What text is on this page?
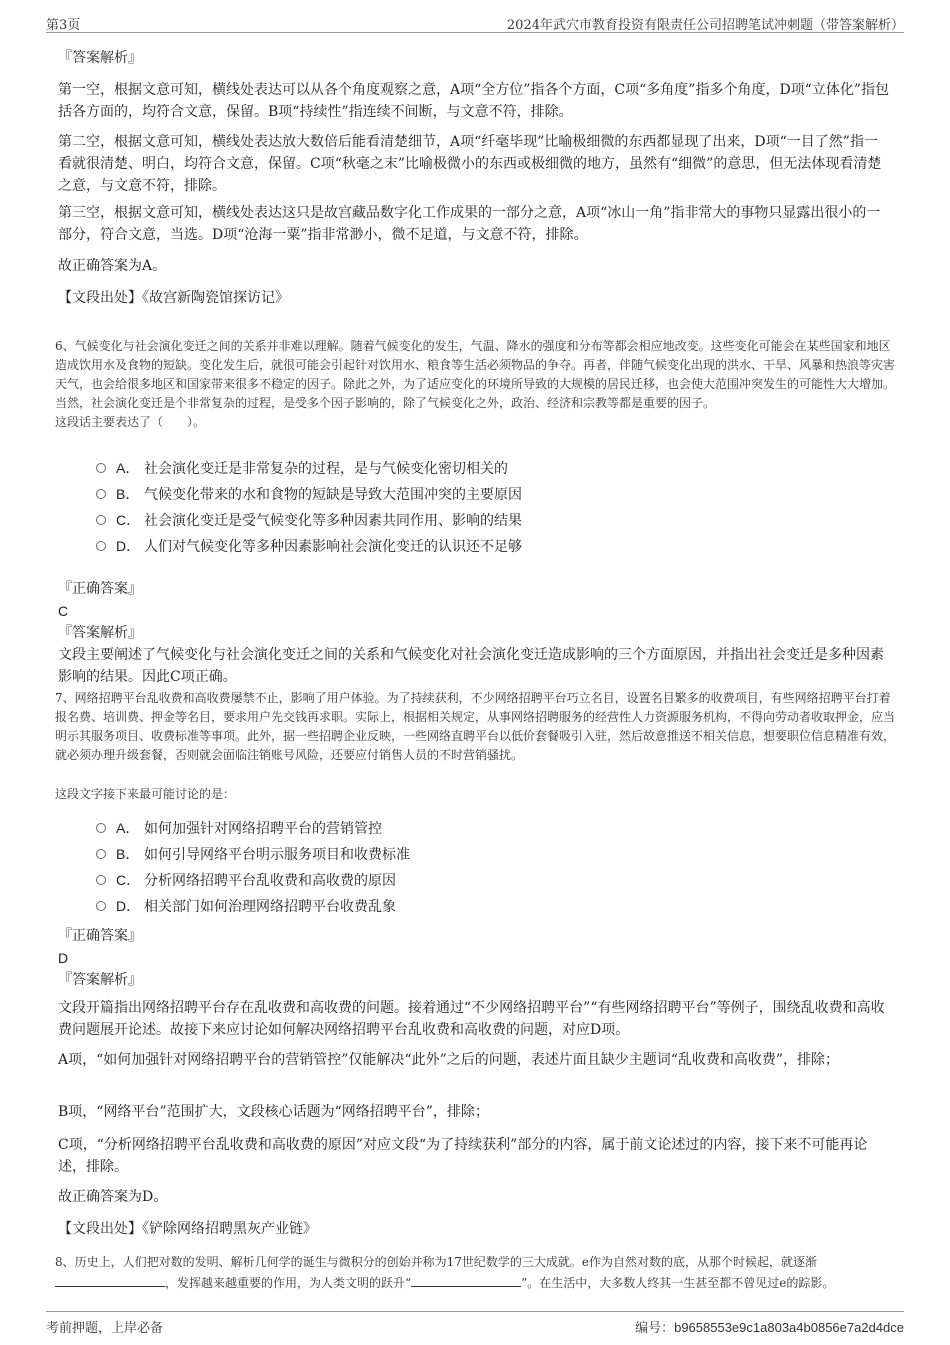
第3页	2024年武穴市教育投资有限责任公司招聘笔试冲刺题（带答案解析）

『答案解析』

第一空，根据文意可知，横线处表达可以从各个角度观察之意，A项“全方位”指各个方面，C项“多角度”指多个角度，D项“立体化”指包括各方面的，均符合文意，保留。B项“持续性”指连续不间断，与文意不符，排除。

第二空，根据文意可知，横线处表达放大数倍后能看清楚细节，A项“纤毫毕现”比喻极细微的东西都显现了出来，D项“一目了然”指一看就很清楚、明白，均符合文意，保留。C项“秋毫之末”比喻极微小的东西或极细微的地方，虽然有“细微”的意思，但无法体现看清楚之意，与文意不符，排除。

第三空，根据文意可知，横线处表达这只是故宫藏品数字化工作成果的一部分之意，A项“冰山一角”指非常大的事物只显露出很小的一部分，符合文意，当选。D项“沧海一粟”指非常渺小，微不足道，与文意不符，排除。

故正确答案为A。

【文段出处】《故宫新陶瓷馆探访记》

6、气候变化与社会演化变迁之间的关系并非难以理解。随着气候变化的发生，气温、降水的强度和分布等都会相应地改变。这些变化可能会在某些国家和地区造成饮用水及食物的短缺。变化发生后，就很可能会引起针对饮用水、粮食等生活必须物品的争夺。再者，伴随气候变化出现的洪水、干旱、风暴和热浪等灾害天气，也会给很多地区和国家带来很多不稳定的因子。除此之外，为了适应变化的环境所导致的大规模的居民迁移，也会使大范围冲突发生的可能性大大增加。当然，社会演化变迁是个非常复杂的过程，是受多个因子影响的，除了气候变化之外，政治、经济和宗教等都是重要的因子。

这段话主要表达了（　　）。

A． 社会演化变迁是非常复杂的过程，是与气候变化密切相关的
B． 气候变化带来的水和食物的短缺是导致大范围冲突的主要原因
C． 社会演化变迁是受气候变化等多种因素共同作用、影响的结果
D． 人们对气候变化等多种因素影响社会演化变迁的认识还不足够

『正确答案』

C

『答案解析』

文段主要阐述了气候变化与社会演化变迁之间的关系和气候变化对社会演化变迁造成影响的三个方面原因，并指出社会变迁是多种因素影响的结果。因此C项正确。

7、网络招聘平台乱收费和高收费屡禁不止，影响了用户体验。为了持续获利，不少网络招聘平台巧立名目，设置名目繁多的收费项目，有些网络招聘平台打着报名费、培训费、押金等名目，要求用户先交钱再求职。实际上，根据相关规定，从事网络招聘服务的经营性人力资源服务机构，不得向劳动者收取押金，应当明示其服务项目、收费标准等事项。此外，据一些招聘企业反映，一些网络直聘平台以低价套餐吸引入驻，然后故意推送不相关信息，想要职位信息精准有效，就必须办理升级套餐，否则就会面临注销账号风险，还要应付销售人员的不时营销骚扰。

这段文字接下来最可能讨论的是：

A． 如何加强针对网络招聘平台的营销管控
B． 如何引导网络平台明示服务项目和收费标准
C． 分析网络招聘平台乱收费和高收费的原因
D． 相关部门如何治理网络招聘平台收费乱象

『正确答案』

D

『答案解析』

文段开篇指出网络招聘平台存在乱收费和高收费的问题。接着通过“不少网络招聘平台”“有些网络招聘平台”等例子，围绕乱收费和高收费问题展开论述。故接下来应讨论如何解决网络招聘平台乱收费和高收费的问题，对应D项。

A项，“如何加强针对网络招聘平台的营销管控”仅能解决“此外”之后的问题，表述片面且缺少主题词“乱收费和高收费”，排除；

B项，“网络平台”范围扩大，文段核心话题为“网络招聘平台”，排除；

C项，“分析网络招聘平台乱收费和高收费的原因”对应文段“为了持续获利”部分的内容，属于前文论述过的内容，接下来不可能再论述，排除。

故正确答案为D。

【文段出处】《铲除网络招聘黑灰产业链》

8、历史上，人们把对数的发明、解析几何学的诞生与微积分的创始并称为17世纪数学的三大成就。e作为自然对数的底，从那个时候起，就逐渐，发挥越来越重要的作用，为人类文明的跃升“	”。在生活中，大多数人终其一生甚至都不曾见过e的踪影。

考前押题，上岸必备	编号：b9658553e9c1a803a4b0856e7a2d4dce
